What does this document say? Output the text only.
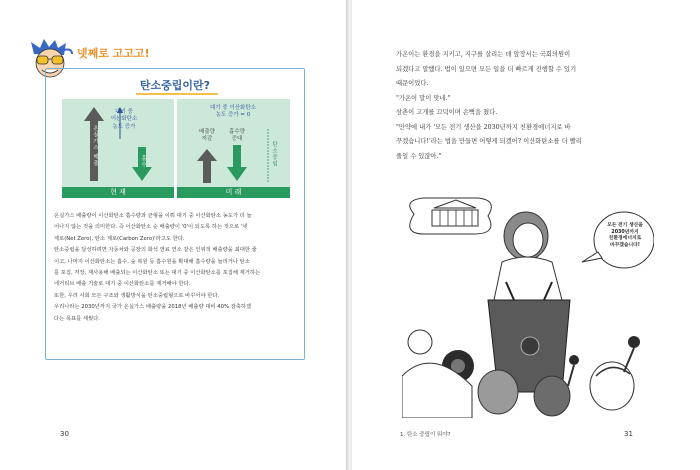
넷째로 고고고!
탄소중립이란?
대기 중
이산화탄소
농도 증가
온실가스 배출	흡수
대기 중 이산화탄소
농도 증가 = 0
배출량
저감
흡수량
증대
탄소중립
현 재	미 래

온실가스 배출량이 이산화탄소 흡수량과 균형을 이뤄 대기 중 이산화탄소 농도가 더 늘

어나지 않는 것을 의미한다. 즉 이산화탄소 순 배출량이 '0'이 되도록 하는 것으로 '넷

제로(Net Zero), 탄소 제로(Carbon Zero)'라고도 한다.

탄소중립을 달성하려면 자동차와 공장의 화석 연료 연소 같은 인위적 배출량을 최대한 줄

이고, 나머지 이산화탄소는 흡수, 숲 복원 등 흡수원을 확대해 흡수량을 늘리거나 탄소

를 포집, 저장, 재사용해 배출되는 이산화탄소 또는 대기 중 이산화탄소를 포집해 제거하는

네거티브 배출 기술로 대기 중 이산화탄소를 제거해야 한다.

또한, 우리 사회 모든 구조와 생활방식을 탄소중립형으로 바꾸어야 한다.

우리나라는 2030년까지 국가 온실가스 배출량을 2018년 배출량 대비 40% 감축하겠

다는 목표를 세웠다.

30

가온이는 환경을 지키고, 지구를 살리는 데 앞장서는 국회의원이

되겠다고 말했다. 법이 있으면 모든 일을 더 빠르게 진행할 수 있기

때문이었다.

"가온이 말이 맞네."

삼촌이 고개를 끄덕이며 손뼉을 쳤다.

"만약에 내가 '모든 전기 생산을 2030년까지 친환경에너지로 바

꾸겠습니다!'라는 법을 만들면 어떻게 되겠어? 이산화탄소를 더 빨리

줄일 수 있잖아."

모든 전기 생산을
2030년까지
친환경에너지로
바꾸겠습니다!
1. 탄소 중립이 뭐야?	31
